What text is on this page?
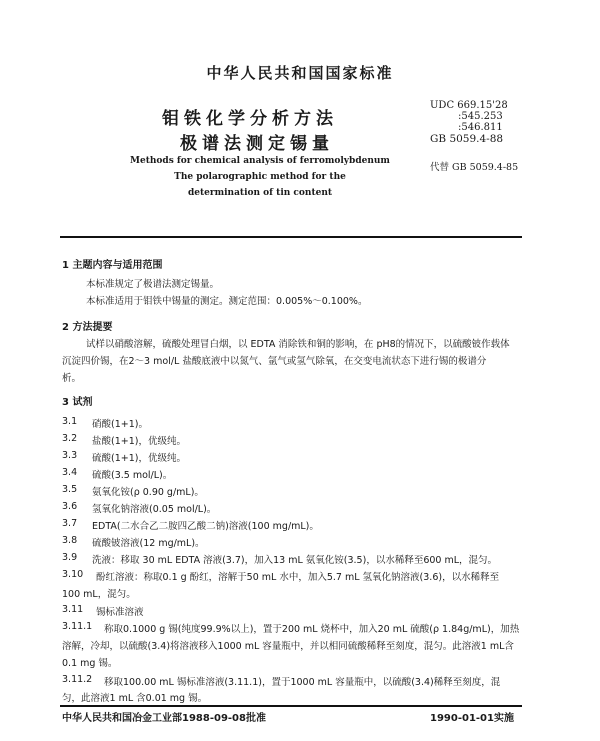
中华人民共和国国家标准
钼铁化学分析方法
极谱法测定锡量
UDC 669.15'28
:545.253
:546.811
GB 5059.4-88
代替 GB 5059.4-85
Methods for chemical analysis of ferromolybdenum
The polarographic method for the
determination of tin content
1 主题内容与适用范围
本标准规定了极谱法测定锡量。
本标准适用于钼铁中锡量的测定。测定范围：0.005%～0.100%。
2 方法提要
试样以硝酸溶解，硫酸处理冒白烟，以 EDTA 消除铁和铜的影响，在 pH8的情况下，以硫酸铍作载体
沉淀四价锡，在2～3 mol/L 盐酸底液中以氮气、氩气或氢气除氧，在交变电流状态下进行锡的极谱分
析。
3 试剂
3.1 硝酸(1+1)。
3.2 盐酸(1+1)，优级纯。
3.3 硫酸(1+1)，优级纯。
3.4 硫酸(3.5 mol/L)。
3.5 氨氧化铵(ρ 0.90 g/mL)。
3.6 氢氧化钠溶液(0.05 mol/L)。
3.7 EDTA(二水合乙二胺四乙酸二钠)溶液(100 mg/mL)。
3.8 硫酸铍溶液(12 mg/mL)。
3.9 洗液：移取 30 mL EDTA 溶液(3.7)，加入13 mL 氨氧化铵(3.5)，以水稀释至600 mL，混匀。
3.10 酚红溶液：称取0.1 g 酚红，溶解于50 mL 水中，加入5.7 mL 氢氧化钠溶液(3.6)，以水稀释至
100 mL，混匀。
3.11 锡标准溶液
3.11.1 称取0.1000 g 锡(纯度99.9%以上)，置于200 mL 烧杯中，加入20 mL 硫酸(ρ 1.84g/mL)，加热
溶解，冷却，以硫酸(3.4)将溶液移入1000 mL 容量瓶中，并以相同硫酸稀释至刻度，混匀。此溶液1 mL含
0.1 mg 锡。
3.11.2 移取100.00 mL 锡标准溶液(3.11.1)，置于1000 mL 容量瓶中，以硫酸(3.4)稀释至刻度，混
匀，此溶液1 mL 含0.01 mg 锡。
中华人民共和国冶金工业部1988-09-08批准	1990-01-01实施
